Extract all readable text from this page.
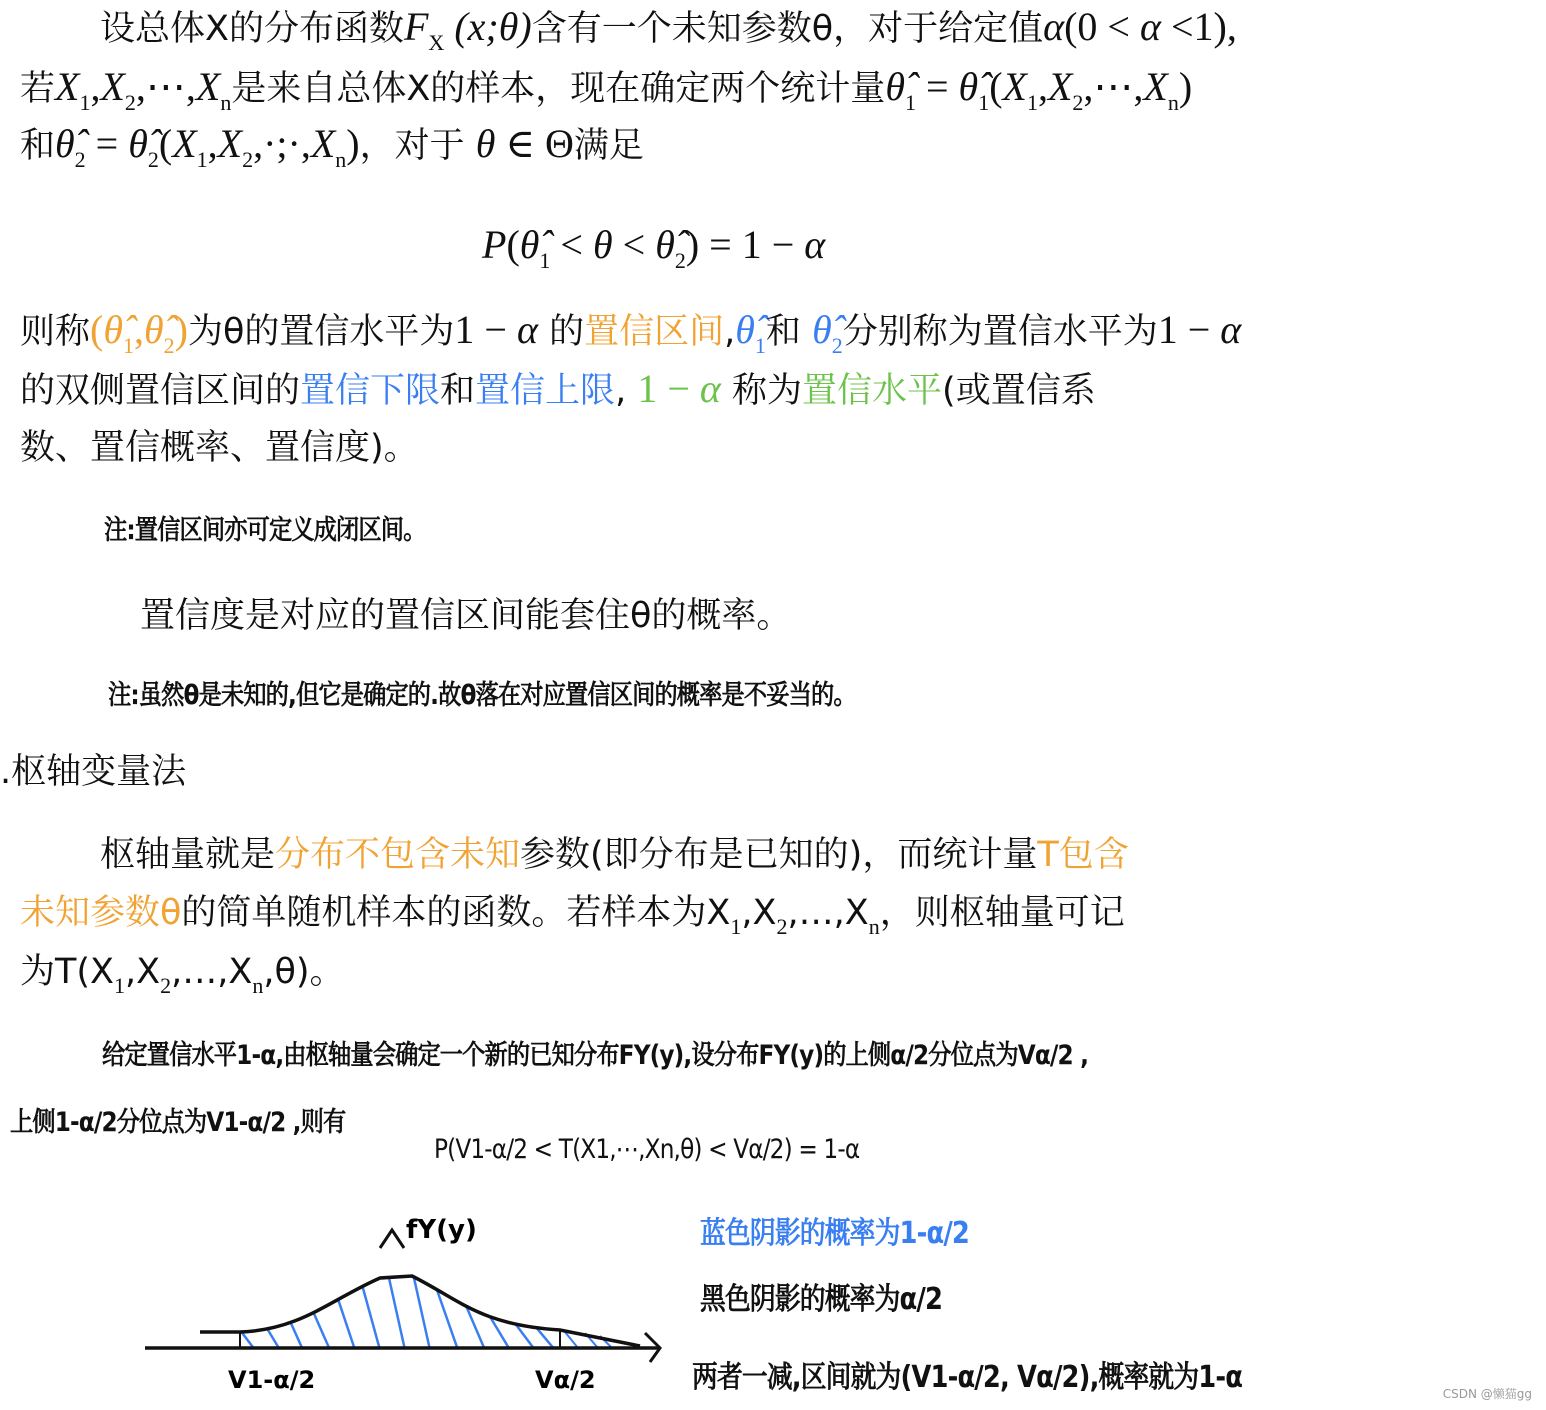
设总体X的分布函数$F_X$ (x;θ)含有一个未知参数θ，对于给定值α(0 < α <1),
若$X_1,X_2,\cdots,X_n$是来自总体X的样本，现在确定两个统计量$\thetâ_1$ = $\thetâ_1(X_1,X_2,\cdots,X_n)$
和$\thetâ_2$ = $\thetâ_2(X_1,X_2,\cdot;\cdot,X_n)$，对于 θ ∈ Θ满足
$P(\thetâ_1 < \theta$ < $\thetâ_2) = 1 - \alpha$
则称$(\thetâ_1,\thetâ_2)$为θ的置信水平为1 − α 的置信区间$,\thetâ_1$和 $\thetâ_2$分别称为置信水平为1 − α
的双侧置信区间的置信下限和置信上限, 1 − α 称为置信水平(或置信系
数、置信概率、置信度)。
置信度是对应的置信区间能套住θ的概率。
.枢轴变量法
枢轴量就是分布不包含未知参数(即分布是已知的)，而统计量T包含
未知参数θ的简单随机样本的函数。若样本为$X_1,X_2,\dots,X_n$，则枢轴量可记
为$T(X_1,X_2,\dots,X_n,\theta)$。
注:置信区间亦可定义成闭区间。
注:虽然θ是未知的,但它是确定的.故θ落在对应置信区间的概率是不妥当的。
给定置信水平1-α,由枢轴量会确定一个新的已知分布FY(y),设分布FY(y)的上侧α/2分位点为Vα/2 ,
上侧1-α/2分位点为V1-α/2 ,则有
P(V1-α/2 < T(X1,⋯,Xn,θ) < Vα/2) = 1-α
蓝色阴影的概率为1-α/2
黑色阴影的概率为α/2
两者一减,区间就为(V1-α/2, Vα/2),概率就为1-α
fY(y)
V1-α/2	Vα/2	CSDN @懒猫gg
